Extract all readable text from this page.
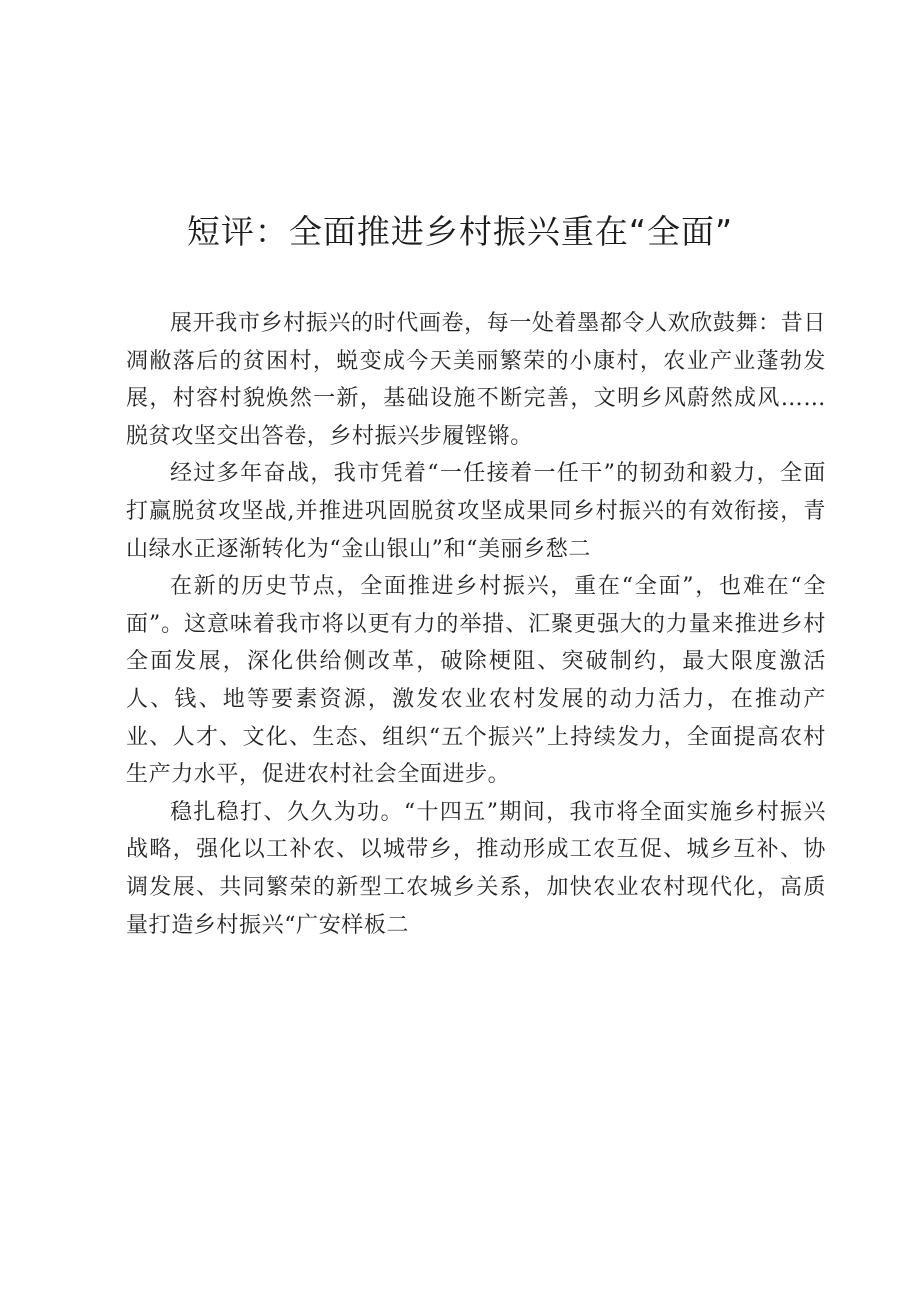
短评：全面推进乡村振兴重在“全面”

展开我市乡村振兴的时代画卷，每一处着墨都令人欢欣鼓舞：昔日凋敝落后的贫困村，蜕变成今天美丽繁荣的小康村，农业产业蓬勃发展，村容村貌焕然一新，基础设施不断完善，文明乡风蔚然成风……脱贫攻坚交出答卷，乡村振兴步履铿锵。

经过多年奋战，我市凭着“一任接着一任干”的韧劲和毅力，全面打赢脱贫攻坚战,并推进巩固脱贫攻坚成果同乡村振兴的有效衔接，青山绿水正逐渐转化为“金山银山”和“美丽乡愁二

在新的历史节点，全面推进乡村振兴，重在“全面”，也难在“全面”。这意味着我市将以更有力的举措、汇聚更强大的力量来推进乡村全面发展，深化供给侧改革，破除梗阻、突破制约，最大限度激活人、钱、地等要素资源，激发农业农村发展的动力活力，在推动产业、人才、文化、生态、组织“五个振兴”上持续发力，全面提高农村生产力水平，促进农村社会全面进步。

稳扎稳打、久久为功。“十四五”期间，我市将全面实施乡村振兴战略，强化以工补农、以城带乡，推动形成工农互促、城乡互补、协调发展、共同繁荣的新型工农城乡关系，加快农业农村现代化，高质量打造乡村振兴“广安样板二
